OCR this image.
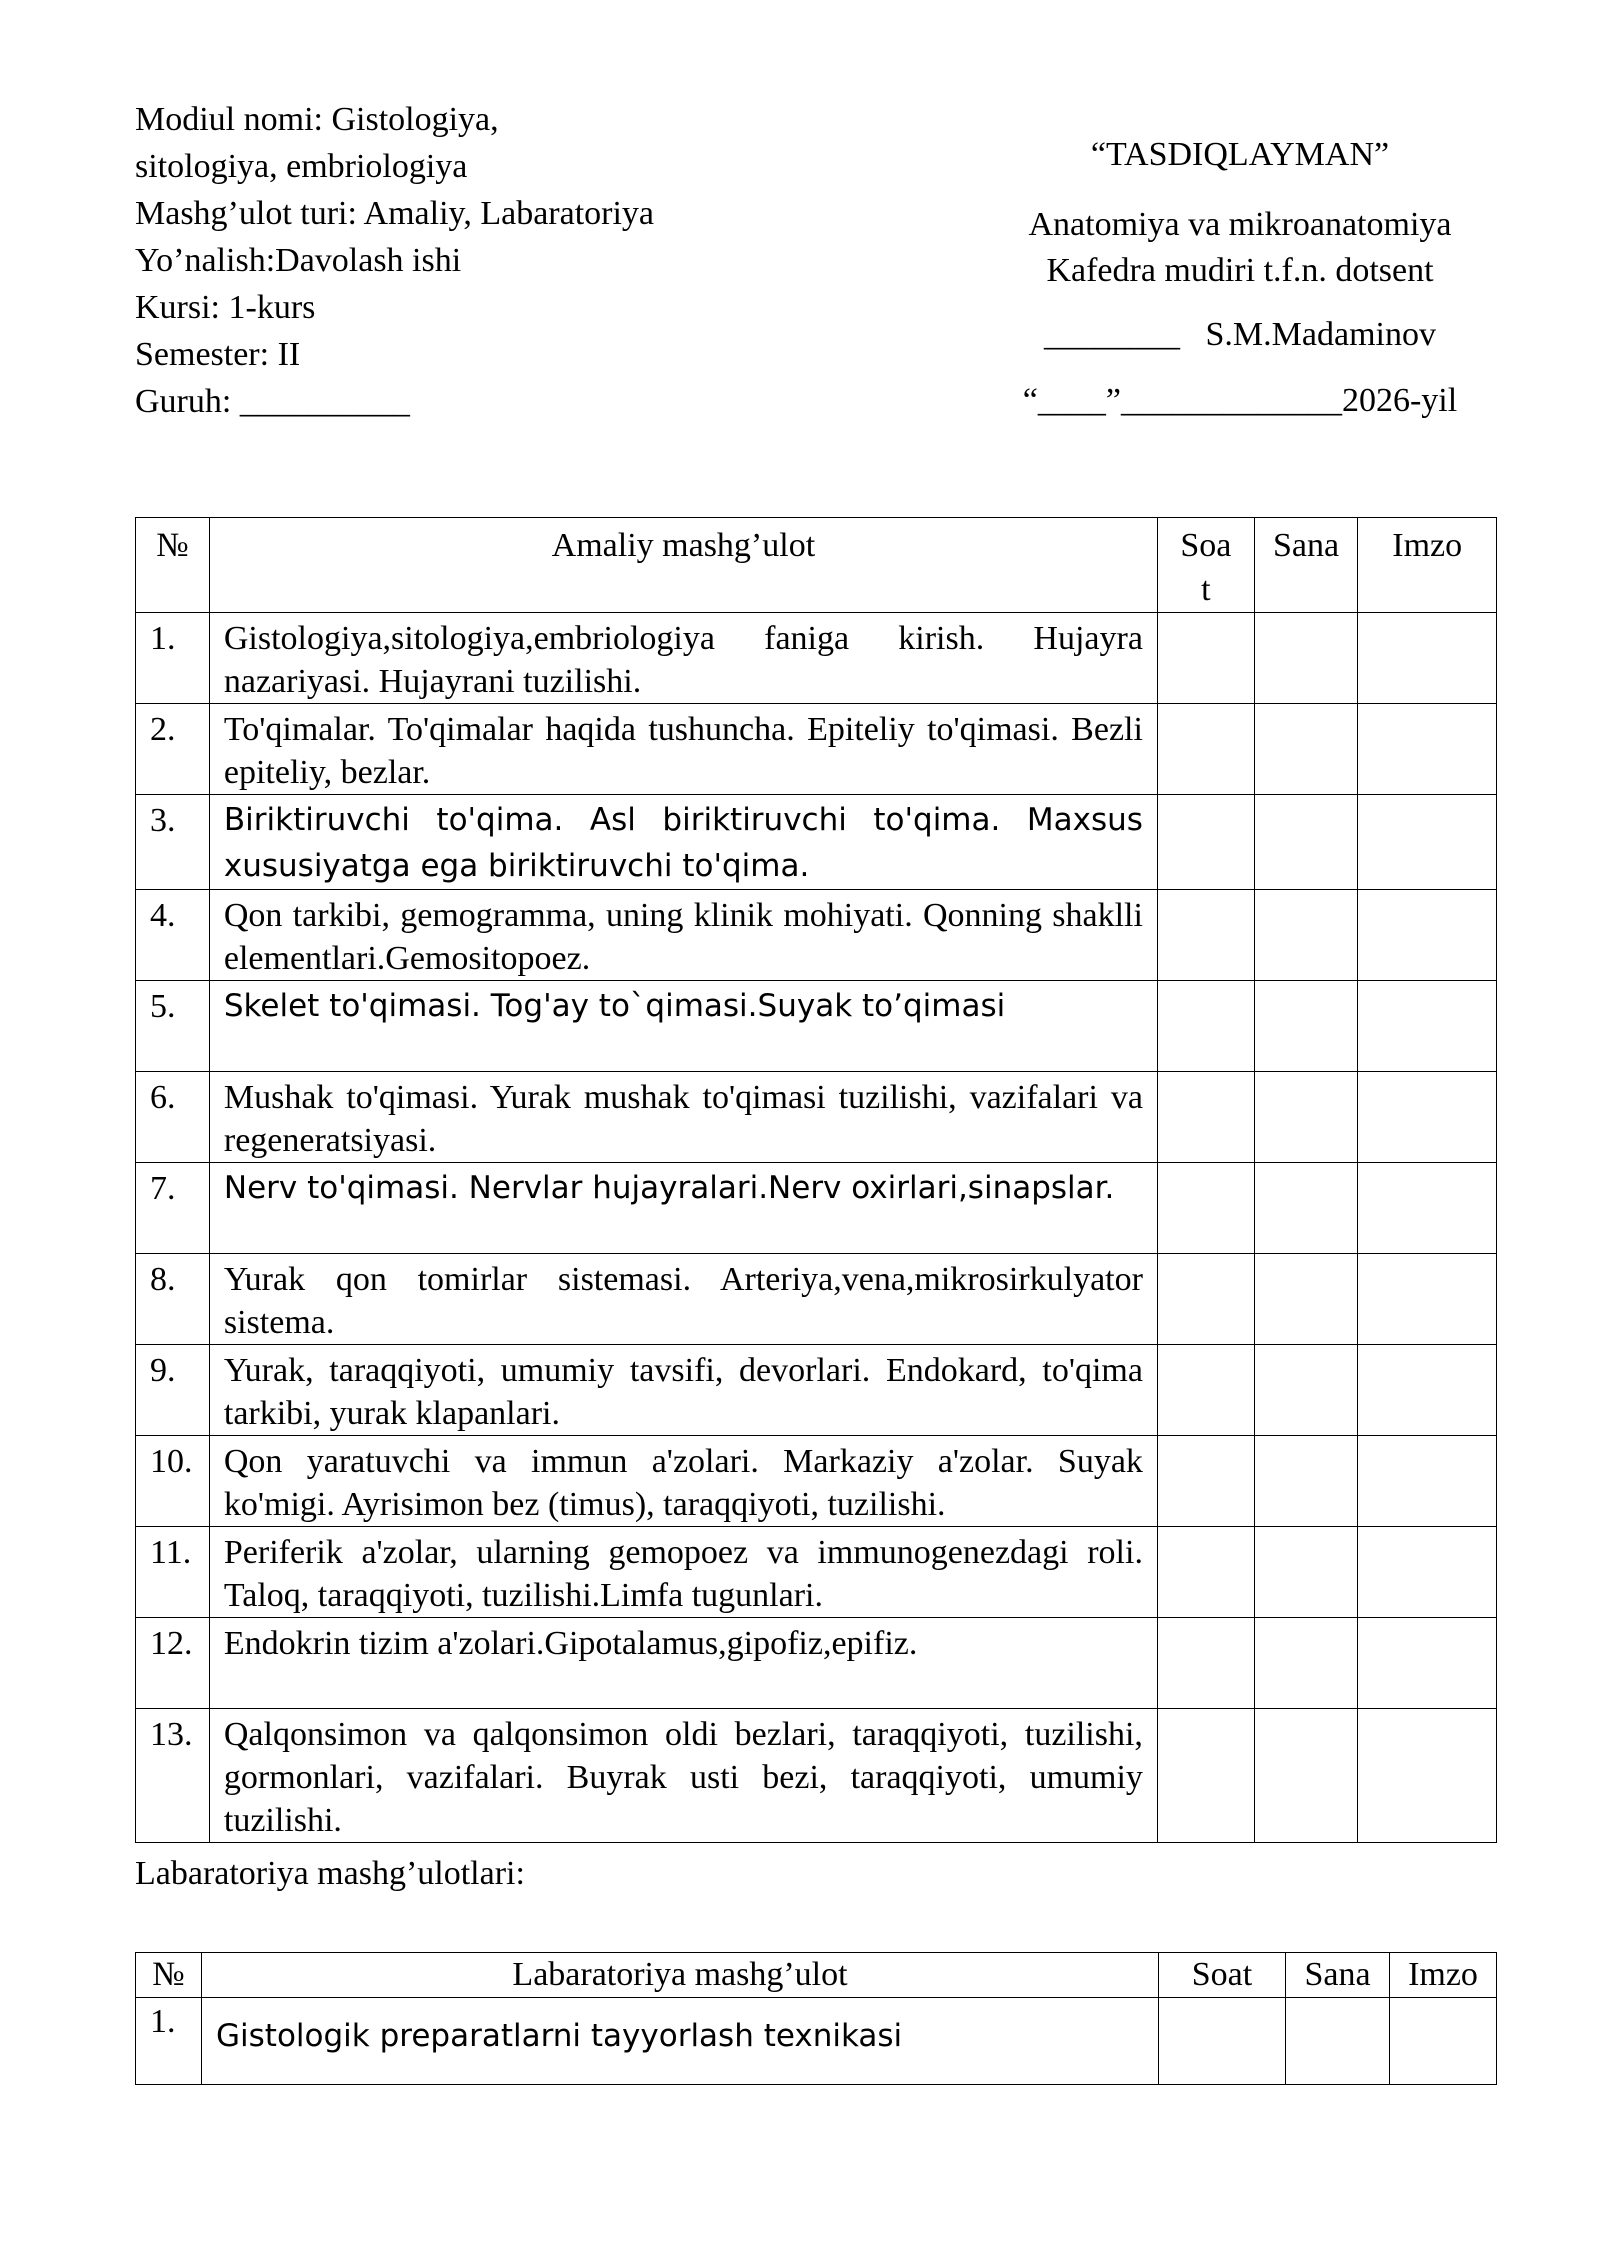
Modiul nomi: Gistologiya,
sitologiya, embriologiya
Mashg’ulot turi: Amaliy, Labaratoriya
Yo’nalish:Davolash ishi
Kursi: 1-kurs
Semester: II
Guruh: __________
“TASDIQLAYMAN”
Anatomiya va mikroanatomiya
Kafedra mudiri t.f.n. dotsent
________   S.M.Madaminov
“____”_____________2026-yil
№	Amaliy mashg’ulot	Soat	Sana	Imzo
1.	Gistologiya,sitologiya,embriologiya faniga kirish. Hujayra nazariyasi. Hujayrani tuzilishi.			
2.	To'qimalar. To'qimalar haqida tushuncha. Epiteliy to'qimasi. Bezli epiteliy, bezlar.			
3.	Biriktiruvchi to'qima. Asl biriktiruvchi to'qima. Maxsus xususiyatga ega biriktiruvchi to'qima.			
4.	Qon tarkibi, gemogramma, uning klinik mohiyati. Qonning shaklli elementlari.Gemositopoez.			
5.	Skelet to'qimasi. Tog'ay to`qimasi.Suyak to’qimasi			
6.	Mushak to'qimasi. Yurak mushak to'qimasi tuzilishi, vazifalari va regeneratsiyasi.			
7.	Nerv to'qimasi. Nervlar hujayralari.Nerv oxirlari,sinapslar.			
8.	Yurak qon tomirlar sistemasi. Arteriya,vena,mikrosirkulyator sistema.			
9.	Yurak, taraqqiyoti, umumiy tavsifi, devorlari. Endokard, to'qima tarkibi, yurak klapanlari.			
10.	Qon yaratuvchi va immun a'zolari. Markaziy a'zolar. Suyak ko'migi. Ayrisimon bez (timus), taraqqiyoti, tuzilishi.			
11.	Periferik a'zolar, ularning gemopoez va immunogenezdagi roli. Taloq, taraqqiyoti, tuzilishi.Limfa tugunlari.			
12.	Endokrin tizim a'zolari.Gipotalamus,gipofiz,epifiz.			
13.	Qalqonsimon va qalqonsimon oldi bezlari, taraqqiyoti, tuzilishi, gormonlari, vazifalari. Buyrak usti bezi, taraqqiyoti, umumiy tuzilishi.			
Labaratoriya mashg’ulotlari:
№	Labaratoriya mashg’ulot	Soat	Sana	Imzo
1.	Gistologik preparatlarni tayyorlash texnikasi			
